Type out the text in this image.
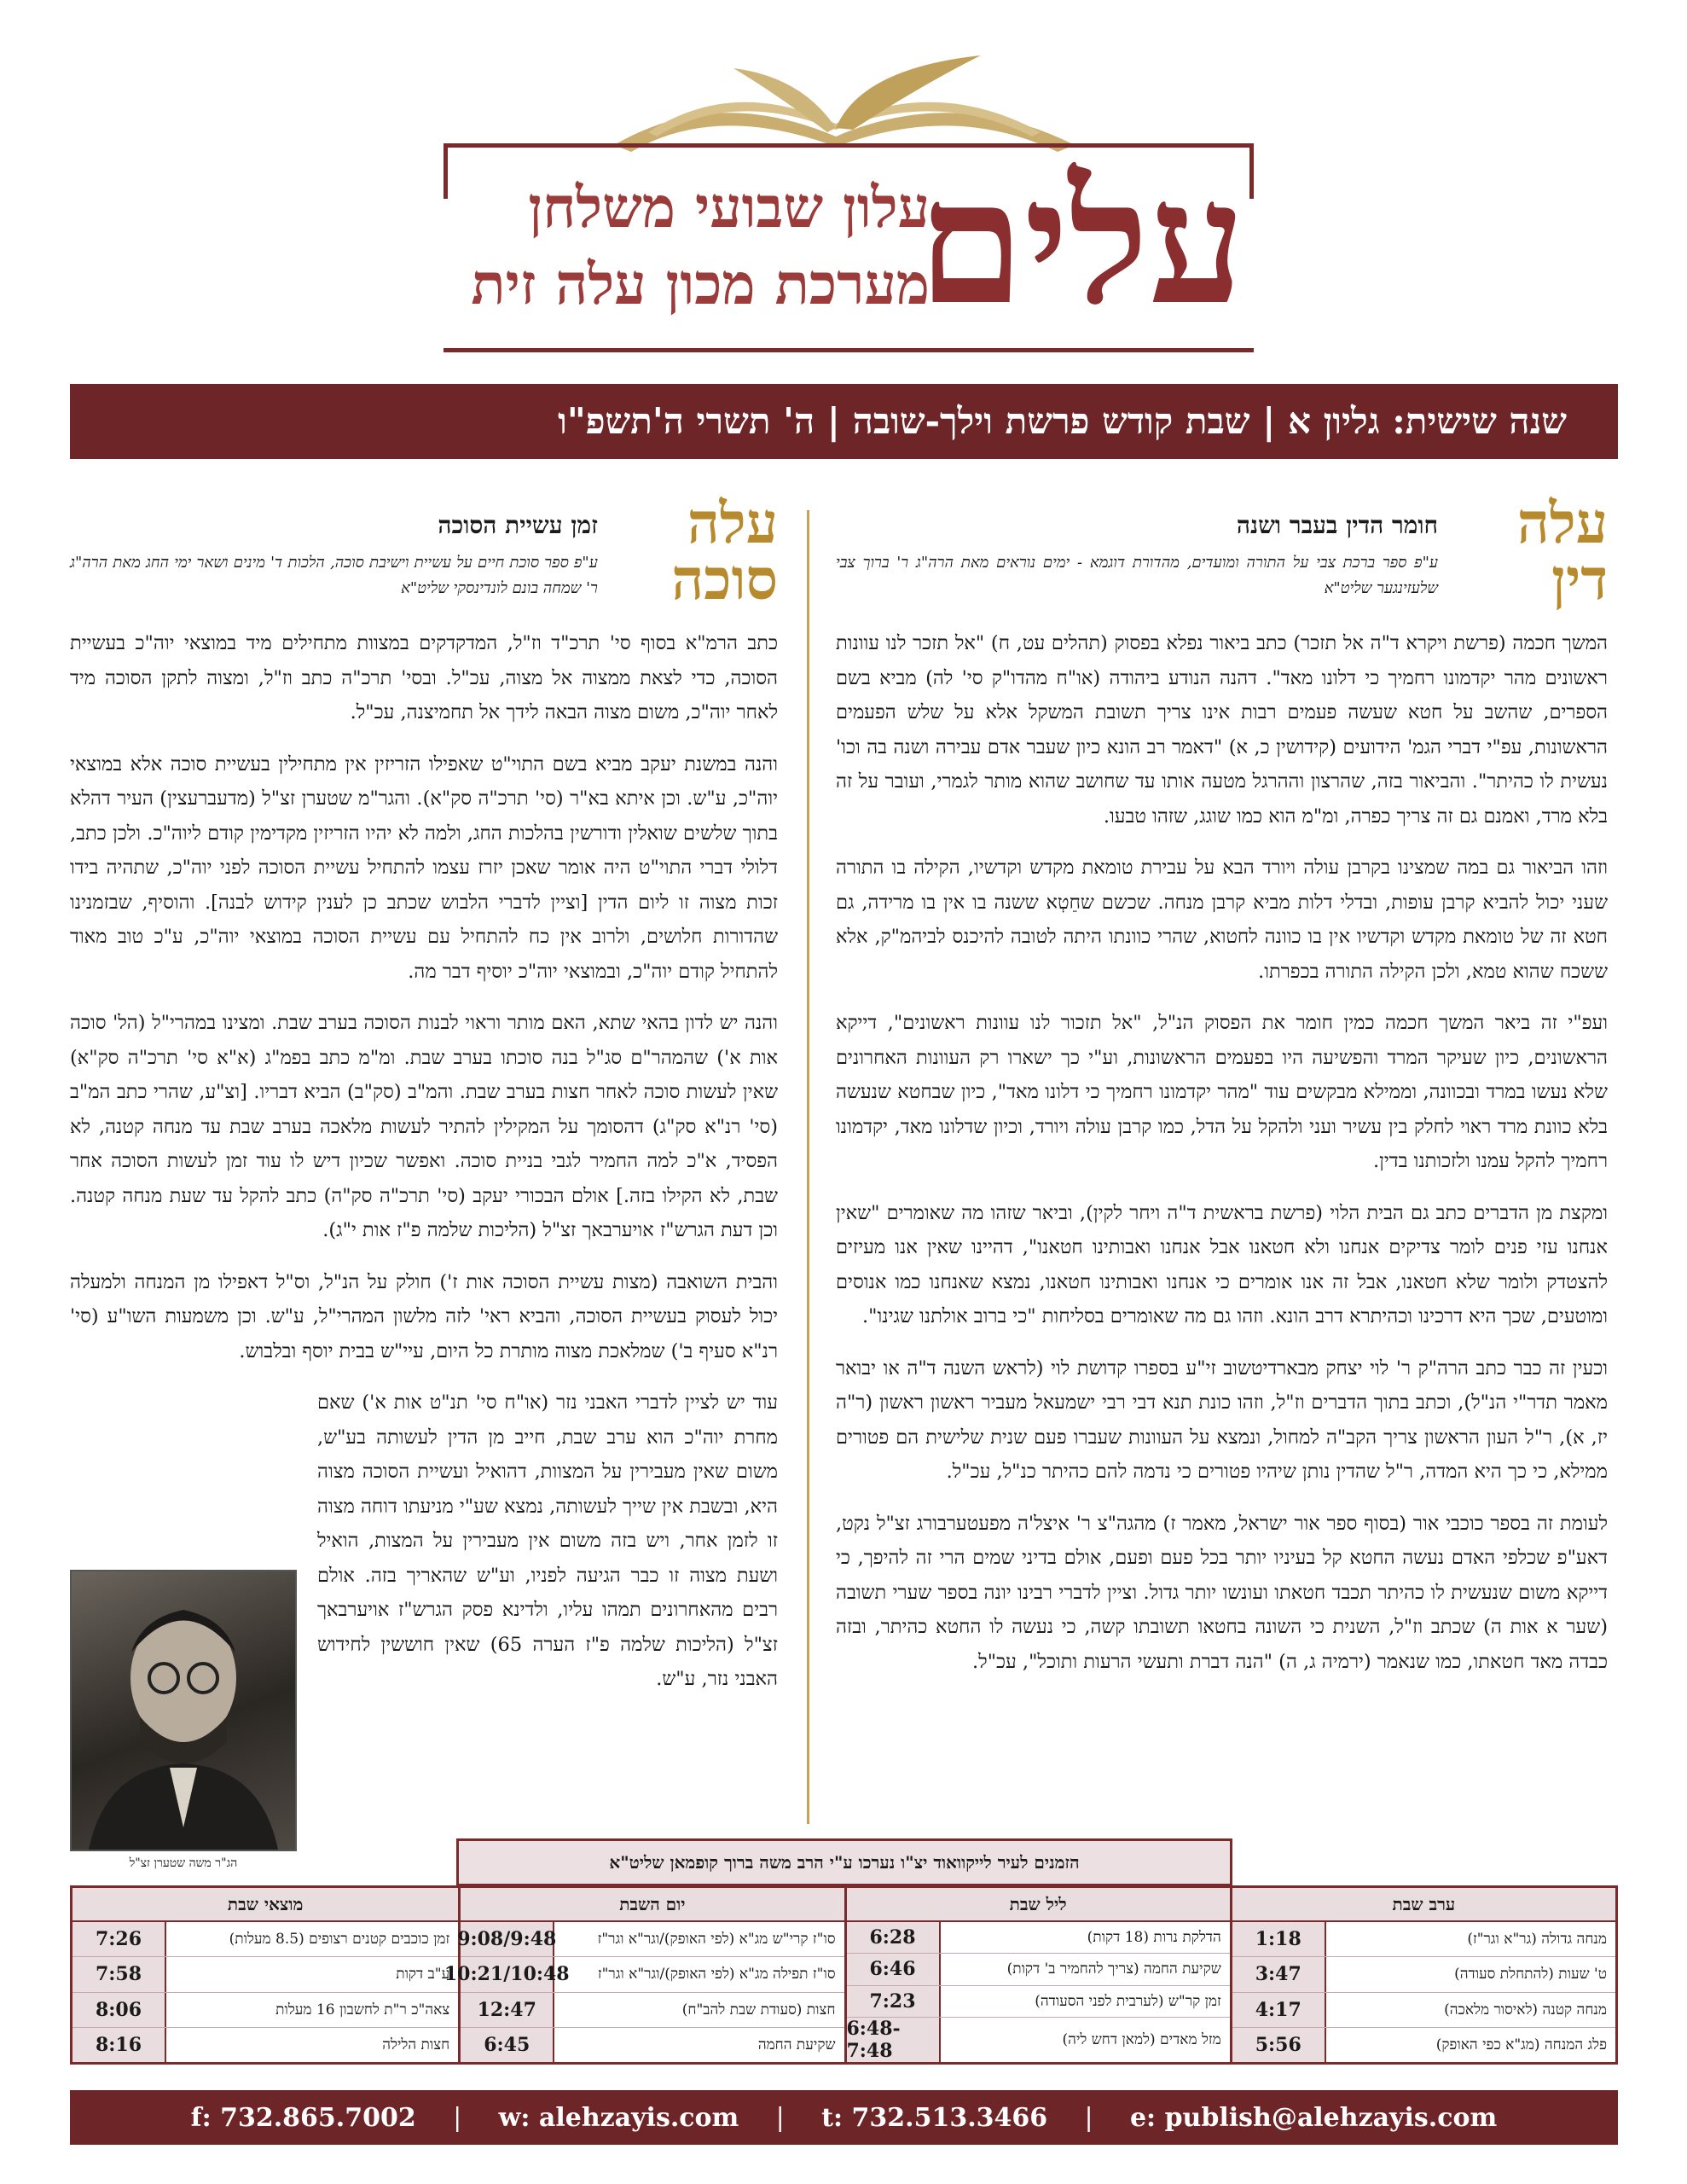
עלים
עלון שבועי משלחן
מערכת מכון עלה זית
שנה שישית: גליון א | שבת קודש פרשת וילך-שובה | ה' תשרי ה'תשפ"ו
עלה דין
חומר הדין בעבר ושנה
ע"פ ספר ברכת צבי על התורה ומועדים, מהדורת דוגמא - ימים נוראים מאת הרה"ג ר' ברוך צבי שלעזינגער שליט"א

המשך חכמה (פרשת ויקרא ד"ה אל תזכר) כתב ביאור נפלא בפסוק (תהלים עט, ח) "אל תזכר לנו עוונות ראשונים מהר יקדמונו רחמיך כי דלונו מאד". דהנה הנודע ביהודה (או"ח מהדו"ק סי' לה) מביא בשם הספרים, שהשב על חטא שעשה פעמים רבות אינו צריך תשובת המשקל אלא על שלש הפעמים הראשונות, עפ"י דברי הגמ' הידועים (קידושין כ, א) "דאמר רב הונא כיון שעבר אדם עבירה ושנה בה וכו' נעשית לו כהיתר". והביאור בזה, שהרצון וההרגל מטעה אותו עד שחושב שהוא מותר לגמרי, ועובר על זה בלא מרד, ואמנם גם זה צריך כפרה, ומ"מ הוא כמו שוגג, שזהו טבעו.

וזהו הביאור גם במה שמצינו בקרבן עולה ויורד הבא על עבירת טומאת מקדש וקדשיו, הקילה בו התורה שעני יכול להביא קרבן עופות, ובדלי דלות מביא קרבן מנחה. שכשם שחֵטְא ששנה בו אין בו מרידה, גם חטא זה של טומאת מקדש וקדשיו אין בו כוונה לחטוא, שהרי כוונתו היתה לטובה להיכנס לביהמ"ק, אלא ששכח שהוא טמא, ולכן הקילה התורה בכפרתו.

ועפ"י זה ביאר המשך חכמה כמין חומר את הפסוק הנ"ל, "אל תזכור לנו עוונות ראשונים", דייקא הראשונים, כיון שעיקר המרד והפשיעה היו בפעמים הראשונות, וע"י כך ישארו רק העוונות האחרונים שלא נעשו במרד ובכוונה, וממילא מבקשים עוד "מהר יקדמונו רחמיך כי דלונו מאד", כיון שבחטא שנעשה בלא כוונת מרד ראוי לחלק בין עשיר ועני ולהקל על הדל, כמו קרבן עולה ויורד, וכיון שדלונו מאד, יקדמונו רחמיך להקל עמנו ולזכותנו בדין.

ומקצת מן הדברים כתב גם הבית הלוי (פרשת בראשית ד"ה ויחר לקין), וביאר שזהו מה שאומרים "שאין אנחנו עזי פנים לומר צדיקים אנחנו ולא חטאנו אבל אנחנו ואבותינו חטאנו", דהיינו שאין אנו מעיזים להצטדק ולומר שלא חטאנו, אבל זה אנו אומרים כי אנחנו ואבותינו חטאנו, נמצא שאנחנו כמו אנוסים ומוטעים, שכך היא דרכינו וכהיתרא דרב הונא. וזהו גם מה שאומרים בסליחות "כי ברוב אולתנו שגינו".

וכעין זה כבר כתב הרה"ק ר' לוי יצחק מבארדיטשוב זי"ע בספרו קדושת לוי (לראש השנה ד"ה או יבואר מאמר תדר"י הנ"ל), וכתב בתוך הדברים וז"ל, וזהו כונת תנא דבי רבי ישמעאל מעביר ראשון ראשון (ר"ה יז, א), ר"ל העון הראשון צריך הקב"ה למחול, ונמצא על העוונות שעברו פעם שנית שלישית הם פטורים ממילא, כי כך היא המדה, ר"ל שהדין נותן שיהיו פטורים כי נדמה להם כהיתר כנ"ל, עכ"ל.

לעומת זה בספר כוכבי אור (בסוף ספר אור ישראל, מאמר ז) מהגה"צ ר' איצל'ה מפעטערבורג זצ"ל נקט, דאע"פ שכלפי האדם נעשה החטא קל בעיניו יותר בכל פעם ופעם, אולם בדיני שמים הרי זה להיפך, כי דייקא משום שנעשית לו כהיתר תכבד חטאתו ועונשו יותר גדול. וציין לדברי רבינו יונה בספר שערי תשובה (שער א אות ה) שכתב וז"ל, השנית כי השונה בחטאו תשובתו קשה, כי נעשה לו החטא כהיתר, ובזה כבדה מאד חטאתו, כמו שנאמר (ירמיה ג, ה) "הנה דברת ותעשי הרעות ותוכל", עכ"ל.

עלה סוכה
זמן עשיית הסוכה
ע"פ ספר סוכת חיים על עשיית וישיבת סוכה, הלכות ד' מינים ושאר ימי החג מאת הרה"ג ר' שמחה בונם לונדינסקי שליט"א

כתב הרמ"א בסוף סי' תרכ"ד וז"ל, המדקדקים במצוות מתחילים מיד במוצאי יוה"כ בעשיית הסוכה, כדי לצאת ממצוה אל מצוה, עכ"ל. ובסי' תרכ"ה כתב וז"ל, ומצוה לתקן הסוכה מיד לאחר יוה"כ, משום מצוה הבאה לידך אל תחמיצנה, עכ"ל.

והנה במשנת יעקב מביא בשם התוי"ט שאפילו הזריזין אין מתחילין בעשיית סוכה אלא במוצאי יוה"כ, ע"ש. וכן איתא בא"ר (סי' תרכ"ה סק"א). והגר"מ שטערן זצ"ל (מדעברעצין) העיר דהלא בתוך שלשים שואלין ודורשין בהלכות החג, ולמה לא יהיו הזריזין מקדימין קודם ליוה"כ. ולכן כתב, דלולי דברי התוי"ט היה אומר שאכן יזרז עצמו להתחיל עשיית הסוכה לפני יוה"כ, שתהיה בידו זכות מצוה זו ליום הדין [וציין לדברי הלבוש שכתב כן לענין קידוש לבנה]. והוסיף, שבזמנינו שהדורות חלושים, ולרוב אין כח להתחיל עם עשיית הסוכה במוצאי יוה"כ, ע"כ טוב מאוד להתחיל קודם יוה"כ, ובמוצאי יוה"כ יוסיף דבר מה.

והנה יש לדון בהאי שתא, האם מותר וראוי לבנות הסוכה בערב שבת. ומצינו במהרי"ל (הל' סוכה אות א') שהמהר"ם סג"ל בנה סוכתו בערב שבת. ומ"מ כתב בפמ"ג (א"א סי' תרכ"ה סק"א) שאין לעשות סוכה לאחר חצות בערב שבת. והמ"ב (סק"ב) הביא דבריו. [וצ"ע, שהרי כתב המ"ב (סי' רנ"א סק"ג) דהסומך על המקילין להתיר לעשות מלאכה בערב שבת עד מנחה קטנה, לא הפסיד, א"כ למה החמיר לגבי בניית סוכה. ואפשר שכיון דיש לו עוד זמן לעשות הסוכה אחר שבת, לא הקילו בזה.] אולם הבכורי יעקב (סי' תרכ"ה סק"ה) כתב להקל עד שעת מנחה קטנה. וכן דעת הגרש"ז אויערבאך זצ"ל (הליכות שלמה פ"ז אות י"ג).

והבית השואבה (מצות עשיית הסוכה אות ז') חולק על הנ"ל, וס"ל דאפילו מן המנחה ולמעלה יכול לעסוק בעשיית הסוכה, והביא ראי' לזה מלשון המהרי"ל, ע"ש. וכן משמעות השו"ע (סי' רנ"א סעיף ב') שמלאכת מצוה מותרת כל היום, עיי"ש בבית יוסף ובלבוש.

עוד יש לציין לדברי האבני נזר (או"ח סי' תנ"ט אות א') שאם מחרת יוה"כ הוא ערב שבת, חייב מן הדין לעשותה בע"ש, משום שאין מעבירין על המצוות, דהואיל ועשיית הסוכה מצוה היא, ובשבת אין שייך לעשותה, נמצא שע"י מניעתו דוחה מצוה זו לזמן אחר, ויש בזה משום אין מעבירין על המצות, הואיל ושעת מצוה זו כבר הגיעה לפניו, וע"ש שהאריך בזה. אולם רבים מהאחרונים תמהו עליו, ולדינא פסק הגרש"ז אויערבאך זצ"ל (הליכות שלמה פ"ז הערה 65) שאין חוששין לחידוש האבני נזר, ע"ש.

הג"ר משה שטערן זצ"ל	הזמנים לעיר לייקוואוד יצ"ו נערכו ע"י הרב משה ברוך קופמאן שליט"א
ערב שבת
מנחה גדולה (גר"א וגר"ז)
1:18
ט' שעות (להתחלת סעודה)
3:47
מנחה קטנה (לאיסור מלאכה)
4:17
פלג המנחה (מג"א כפי האופק)
5:56
ליל שבת
הדלקת נרות (18 דקות)
6:28
שקיעת החמה (צריך להחמיר ב' דקות)
6:46
זמן קר"ש (לערבית לפני הסעודה)
7:23
מזל מאדים (למאן דחש ליה)
6:48-7:48
יום השבת
סו"ז קרי"ש מג"א (לפי האופק)/וגר"א וגר"ז
9:08/9:48
סו"ז תפילה מג"א (לפי האופק)/וגר"א וגר"ז
10:21/10:48
חצות (סעודת שבת להב"ח)
12:47
שקיעת החמה
6:45
מוצאי שבת
זמן כוכבים קטנים רצופים (8.5 מעלות)
7:26
ע"ב דקות
7:58
צאה"כ ר"ת לחשבון 16 מעלות
8:06
חצות הלילה
8:16
f: 732.865.7002 | w: alehzayis.com | t: 732.513.3466 | e: publish@alehzayis.com
